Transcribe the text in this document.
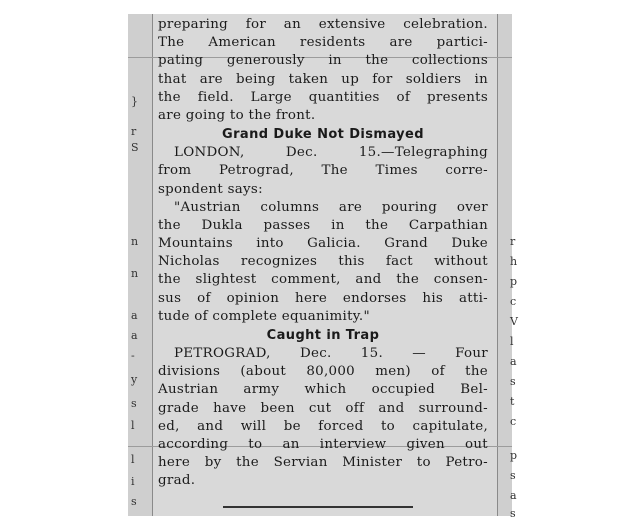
}
r
S
n
n
a
a
-
y
s
l
l
i
s
r
h
p
c
V
l
a
s
t
c
p
s
a
s
preparing for an extensive celebration.
The American residents are partici-
pating generously in the collections
that are being taken up for soldiers in
the field. Large quantities of presents
are going to the front.
Grand Duke Not Dismayed
LONDON, Dec. 15.—Telegraphing
from Petrograd, The Times corre-
spondent says:
"Austrian columns are pouring over
the Dukla passes in the Carpathian
Mountains into Galicia. Grand Duke
Nicholas recognizes this fact without
the slightest comment, and the consen-
sus of opinion here endorses his atti-
tude of complete equanimity."
Caught in Trap
PETROGRAD, Dec. 15. — Four
divisions (about 80,000 men) of the
Austrian army which occupied Bel-
grade have been cut off and surround-
ed, and will be forced to capitulate,
according to an interview given out
here by the Servian Minister to Petro-
grad.
